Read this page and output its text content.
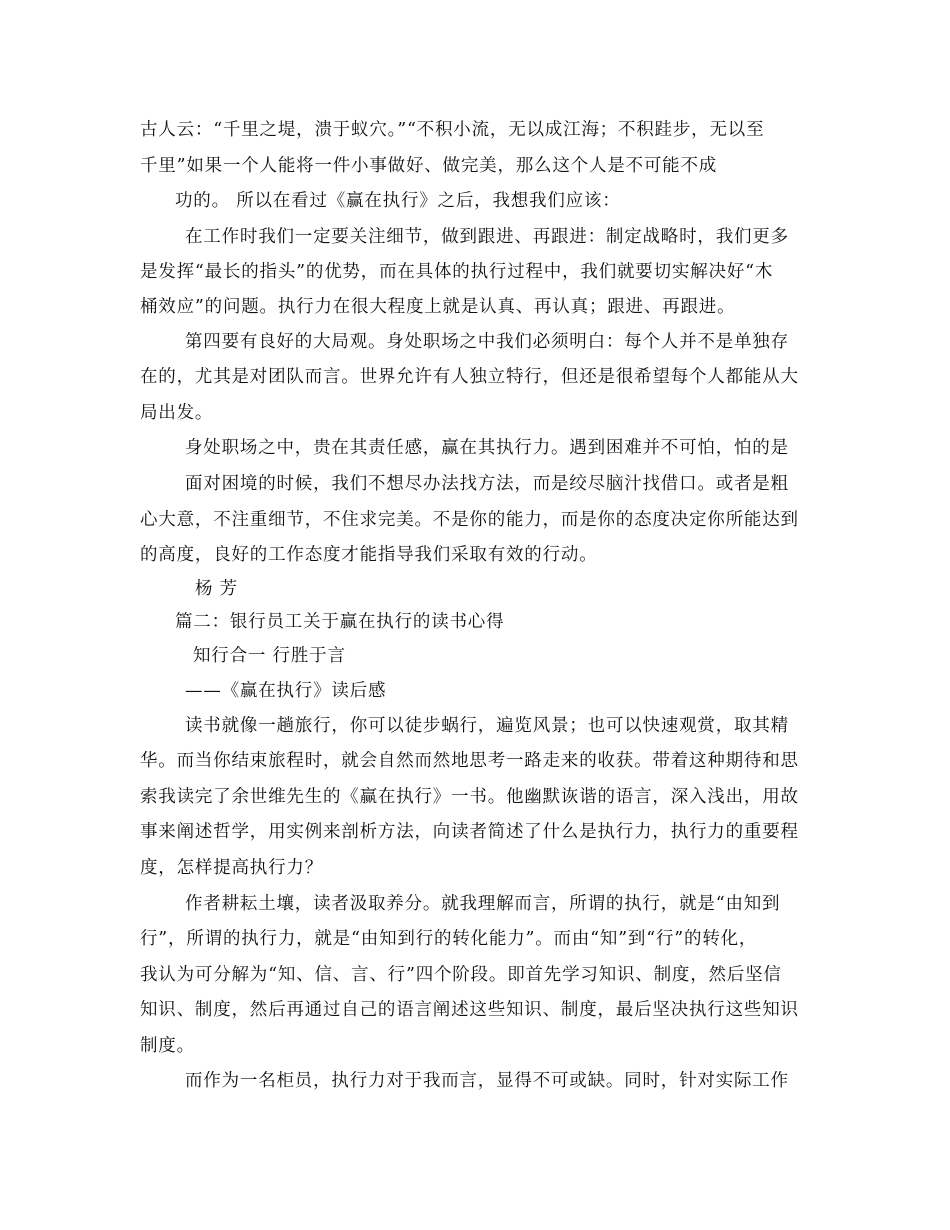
古人云：“千里之堤，溃于蚁穴。”“不积小流，无以成江海；不积跬步，无以至
千里”如果一个人能将一件小事做好、做完美，那么这个人是不可能不成
功的。 所以在看过《赢在执行》之后，我想我们应该：
在工作时我们一定要关注细节，做到跟进、再跟进：制定战略时，我们更多
是发挥“最长的指头”的优势，而在具体的执行过程中，我们就要切实解决好“木
桶效应”的问题。执行力在很大程度上就是认真、再认真；跟进、再跟进。
第四要有良好的大局观。身处职场之中我们必须明白：每个人并不是单独存
在的，尤其是对团队而言。世界允许有人独立特行，但还是很希望每个人都能从大
局出发。
身处职场之中，贵在其责任感，赢在其执行力。遇到困难并不可怕，怕的是
面对困境的时候，我们不想尽办法找方法，而是绞尽脑汁找借口。或者是粗
心大意，不注重细节，不住求完美。不是你的能力，而是你的态度决定你所能达到
的高度，良好的工作态度才能指导我们采取有效的行动。
杨 芳
篇二：银行员工关于赢在执行的读书心得
知行合一 行胜于言
——《赢在执行》读后感
读书就像一趟旅行，你可以徒步蜗行，遍览风景；也可以快速观赏，取其精
华。而当你结束旅程时，就会自然而然地思考一路走来的收获。带着这种期待和思
索我读完了余世维先生的《赢在执行》一书。他幽默诙谐的语言，深入浅出，用故
事来阐述哲学，用实例来剖析方法，向读者简述了什么是执行力，执行力的重要程
度，怎样提高执行力？
作者耕耘土壤，读者汲取养分。就我理解而言，所谓的执行，就是“由知到
行”，所谓的执行力，就是“由知到行的转化能力”。而由“知”到“行”的转化，
我认为可分解为“知、信、言、行”四个阶段。即首先学习知识、制度，然后坚信
知识、制度，然后再通过自己的语言阐述这些知识、制度，最后坚决执行这些知识
制度。
而作为一名柜员，执行力对于我而言，显得不可或缺。同时，针对实际工作
